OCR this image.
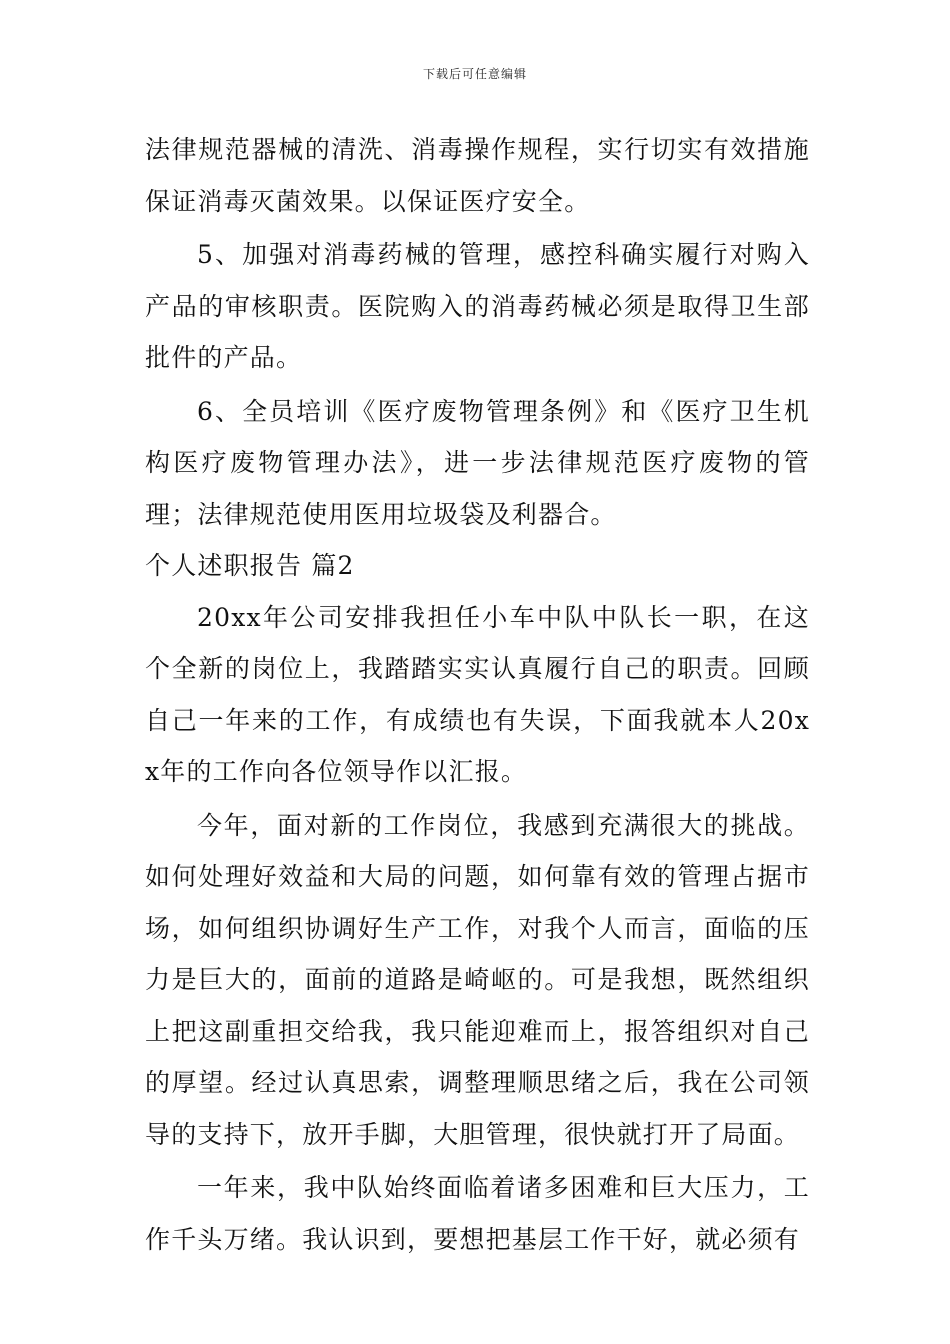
下载后可任意编辑

法律规范器械的清洗、消毒操作规程，实行切实有效措施保证消毒灭菌效果。以保证医疗安全。

5、加强对消毒药械的管理，感控科确实履行对购入产品的审核职责。医院购入的消毒药械必须是取得卫生部批件的产品。

6、全员培训《医疗废物管理条例》和《医疗卫生机构医疗废物管理办法》，进一步法律规范医疗废物的管理；法律规范使用医用垃圾袋及利器合。

个人述职报告 篇2

20xx年公司安排我担任小车中队中队长一职，在这个全新的岗位上，我踏踏实实认真履行自己的职责。回顾自己一年来的工作，有成绩也有失误，下面我就本人20xx年的工作向各位领导作以汇报。

今年，面对新的工作岗位，我感到充满很大的挑战。如何处理好效益和大局的问题，如何靠有效的管理占据市场，如何组织协调好生产工作，对我个人而言，面临的压力是巨大的，面前的道路是崎岖的。可是我想，既然组织上把这副重担交给我，我只能迎难而上，报答组织对自己的厚望。经过认真思索，调整理顺思绪之后，我在公司领导的支持下，放开手脚，大胆管理，很快就打开了局面。

一年来，我中队始终面临着诸多困难和巨大压力，工作千头万绪。我认识到，要想把基层工作干好，就必须有
